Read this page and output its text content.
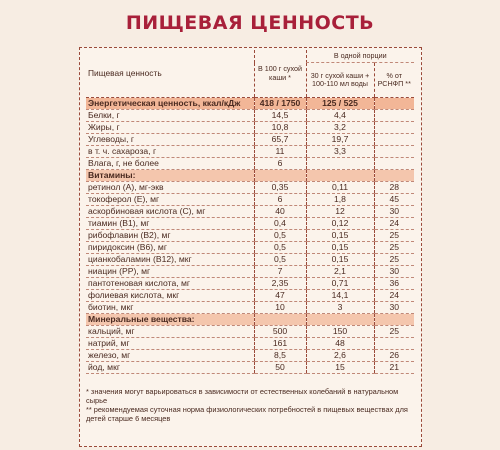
ПИЩЕВАЯ ЦЕННОСТЬ
Пищевая ценность	В 100 г сухой каши *	В одной порции	
		30 г сухой каши + 100-110 мл воды	% от РСНФП **
Энергетическая ценность, ккал/кДж	418 / 1750	125 / 525	
Белки, г	14,5	4,4	
Жиры, г	10,8	3,2	
Углеводы, г	65,7	19,7	
в т. ч. сахароза, г	11	3,3	
Влага, г, не более	6		
Витамины:			
ретинол (А), мг-экв	0,35	0,11	28
токоферол (Е), мг	6	1,8	45
аскорбиновая кислота (С), мг	40	12	30
тиамин (В1), мг	0,4	0,12	24
рибофлавин (В2), мг	0,5	0,15	25
пиридоксин (В6), мг	0,5	0,15	25
цианкобаламин (В12), мкг	0,5	0,15	25
ниацин (РР), мг	7	2,1	30
пантотеновая кислота, мг	2,35	0,71	36
фолиевая кислота, мкг	47	14,1	24
биотин, мкг	10	3	30
Минеральные вещества:			
кальций, мг	500	150	25
натрий, мг	161	48	
железо, мг	8,5	2,6	26
йод, мкг	50	15	21

* значения могут варьироваться в зависимости от естественных колебаний в натуральном сырье

** рекомендуемая суточная норма физиологических потребностей в пищевых веществах для детей старше 6 месяцев
